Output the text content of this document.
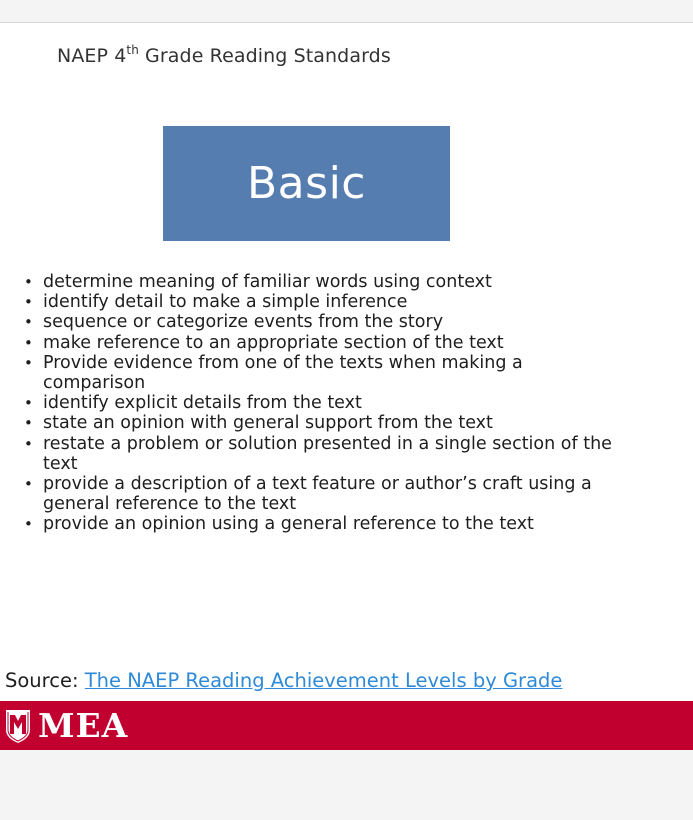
NAEP 4th Grade Reading Standards
Basic
• determine meaning of familiar words using context
• identify detail to make a simple inference
• sequence or categorize events from the story
• make reference to an appropriate section of the text
• Provide evidence from one of the texts when making a comparison
• identify explicit details from the text
• state an opinion with general support from the text
• restate a problem or solution presented in a single section of the text
• provide a description of a text feature or author’s craft using a general reference to the text
• provide an opinion using a general reference to the text
Source: The NAEP Reading Achievement Levels by Grade
MEA
